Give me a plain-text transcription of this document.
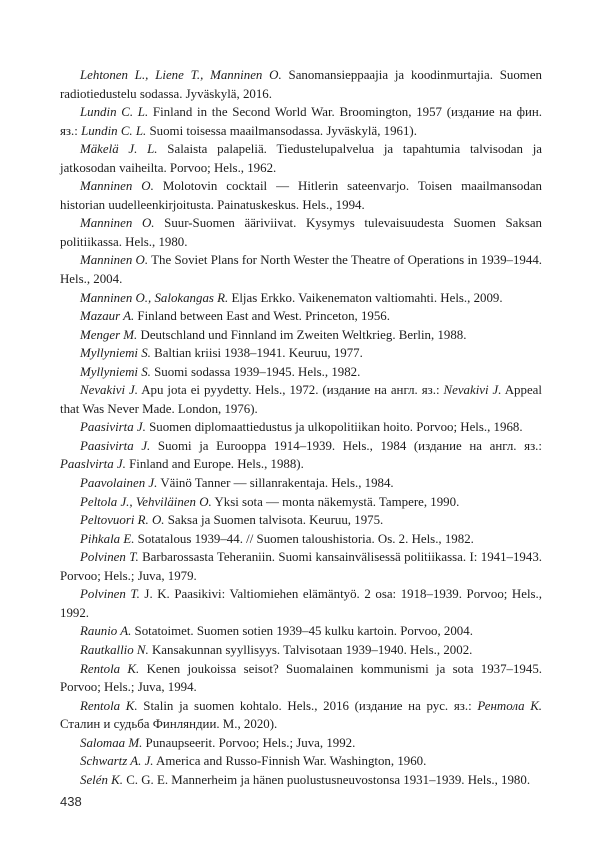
Lehtonen L., Liene T., Manninen O. Sanomansieppaajia ja koodinmurtajia. Suomen radiotiedustelu sodassa. Jyväskylä, 2016.

Lundin C. L. Finland in the Second World War. Broomington, 1957 (издание на фин. яз.: Lundin C. L. Suomi toisessa maailmansodassa. Jyväskylä, 1961).

Mäkelä J. L. Salaista palapeliä. Tiedustelupalvelua ja tapahtumia talvisodan ja jatkosodan vaiheilta. Porvoo; Hels., 1962.

Manninen O. Molotovin cocktail — Hitlerin sateenvarjo. Toisen maailmansodan historian uudelleenkirjoitusta. Painatuskeskus. Hels., 1994.

Manninen O. Suur-Suomen ääriviivat. Kysymys tulevaisuudesta Suomen Saksan politiikassa. Hels., 1980.

Manninen O. The Soviet Plans for North Wester the Theatre of Operations in 1939–1944. Hels., 2004.

Manninen O., Salokangas R. Eljas Erkko. Vaikenematon valtiomahti. Hels., 2009.

Mazaur A. Finland between East and West. Princeton, 1956.

Menger M. Deutschland und Finnland im Zweiten Weltkrieg. Berlin, 1988.

Myllyniemi S. Baltian kriisi 1938–1941. Keuruu, 1977.

Myllyniemi S. Suomi sodassa 1939–1945. Hels., 1982.

Nevakivi J. Apu jota ei pyydetty. Hels., 1972. (издание на англ. яз.: Nevakivi J. Appeal that Was Never Made. London, 1976).

Paasivirta J. Suomen diplomaattiedustus ja ulkopolitiikan hoito. Porvoo; Hels., 1968.

Paasivirta J. Suomi ja Eurooppa 1914–1939. Hels., 1984 (издание на англ. яз.: Paaslvirta J. Finland and Europe. Hels., 1988).

Paavolainen J. Väinö Tanner — sillanrakentaja. Hels., 1984.

Peltola J., Vehviläinen O. Yksi sota — monta näkemystä. Tampere, 1990.

Peltovuori R. O. Saksa ja Suomen talvisota. Keuruu, 1975.

Pihkala E. Sotatalous 1939–44. // Suomen taloushistoria. Os. 2. Hels., 1982.

Polvinen T. Barbarossasta Teheraniin. Suomi kansainvälisessä politiikassa. I: 1941–1943. Porvoo; Hels.; Juva, 1979.

Polvinen T. J. K. Paasikivi: Valtiomiehen elämäntyö. 2 osa: 1918–1939. Porvoo; Hels., 1992.

Raunio A. Sotatoimet. Suomen sotien 1939–45 kulku kartoin. Porvoo, 2004.

Rautkallio N. Kansakunnan syyllisyys. Talvisotaan 1939–1940. Hels., 2002.

Rentola K. Kenen joukoissa seisot? Suomalainen kommunismi ja sota 1937–1945. Porvoo; Hels.; Juva, 1994.

Rentola K. Stalin ja suomen kohtalo. Hels., 2016 (издание на рус. яз.: Рентола К. Сталин и судьба Финляндии. М., 2020).

Salomaa M. Punaupseerit. Porvoo; Hels.; Juva, 1992.

Schwartz A. J. America and Russo-Finnish War. Washington, 1960.

Selén K. C. G. E. Mannerheim ja hänen puolustusneuvostonsa 1931–1939. Hels., 1980.

438
